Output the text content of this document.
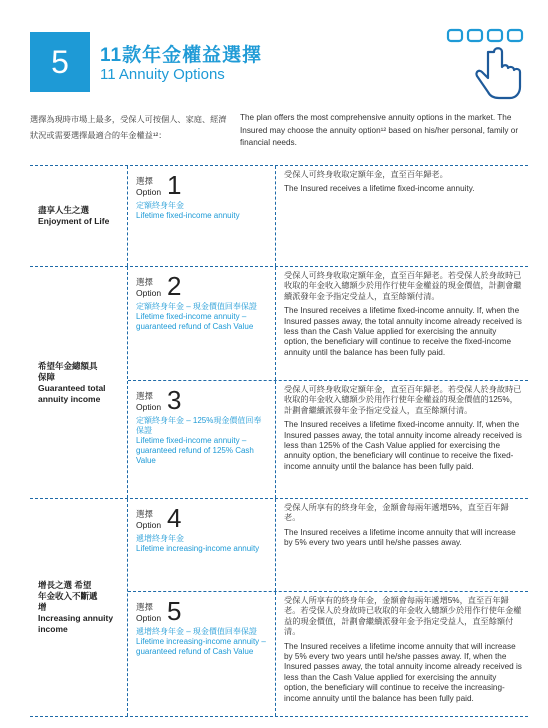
5 11款年金權益選擇
11 Annuity Options
選擇為現時市場上最多，受保人可按個人、家庭、經濟狀況或需要選擇最適合的年金權益¹²：
The plan offers the most comprehensive annuity options in the market. The Insured may choose the annuity option¹² based on his/her personal, family or financial needs.
盡享人生之選
Enjoyment of Life
選擇
Option 1
定額終身年金
Lifetime fixed-income annuity
受保人可終身收取定額年金，直至百年歸老。
The Insured receives a lifetime fixed-income annuity.
希望年金總額具保障
Guaranteed total annuity income
選擇
Option 2
定額終身年金 – 現金價值回奉保證
Lifetime fixed-income annuity – guaranteed refund of Cash Value
受保人可終身收取定額年金，直至百年歸老。若受保人於身故時已收取的年金收入總額少於用作行使年金權益的現金價值，計劃會繼續派發年金予指定受益人，直至餘額付清。
The Insured receives a lifetime fixed-income annuity. If, when the Insured passes away, the total annuity income already received is less than the Cash Value applied for exercising the annuity option, the beneficiary will continue to receive the fixed-income annuity until the balance has been fully paid.
選擇
Option 3
定額終身年金 – 125%現金價值回奉保證
Lifetime fixed-income annuity – guaranteed refund of 125% Cash Value
受保人可終身收取定額年金，直至百年歸老。若受保人於身故時已收取的年金收入總額少於用作行使年金權益的現金價值的125%，計劃會繼續派發年金予指定受益人，直至餘額付清。
The Insured receives a lifetime fixed-income annuity. If, when the Insured passes away, the total annuity income already received is less than 125% of the Cash Value applied for exercising the annuity option, the beneficiary will continue to receive the fixed-income annuity until the balance has been fully paid.
增長之選 希望年金收入不斷遞增
Increasing annuity income
選擇
Option 4
遞增終身年金
Lifetime increasing-income annuity
受保人所享有的終身年金，金額會每兩年遞增5%，直至百年歸老。
The Insured receives a lifetime income annuity that will increase by 5% every two years until he/she passes away.
選擇
Option 5
遞增終身年金 – 現金價值回奉保證
Lifetime increasing-income annuity – guaranteed refund of Cash Value
受保人所享有的終身年金，金額會每兩年遞增5%，直至百年歸老。若受保人於身故時已收取的年金收入總額少於用作行使年金權益的現金價值，計劃會繼續派發年金予指定受益人，直至餘額付清。
The Insured receives a lifetime income annuity that will increase by 5% every two years until he/she passes away. If, when the Insured passes away, the total annuity income already received is less than the Cash Value applied for exercising the annuity option, the beneficiary will continue to receive the increasing-income annuity until the balance has been fully paid.
